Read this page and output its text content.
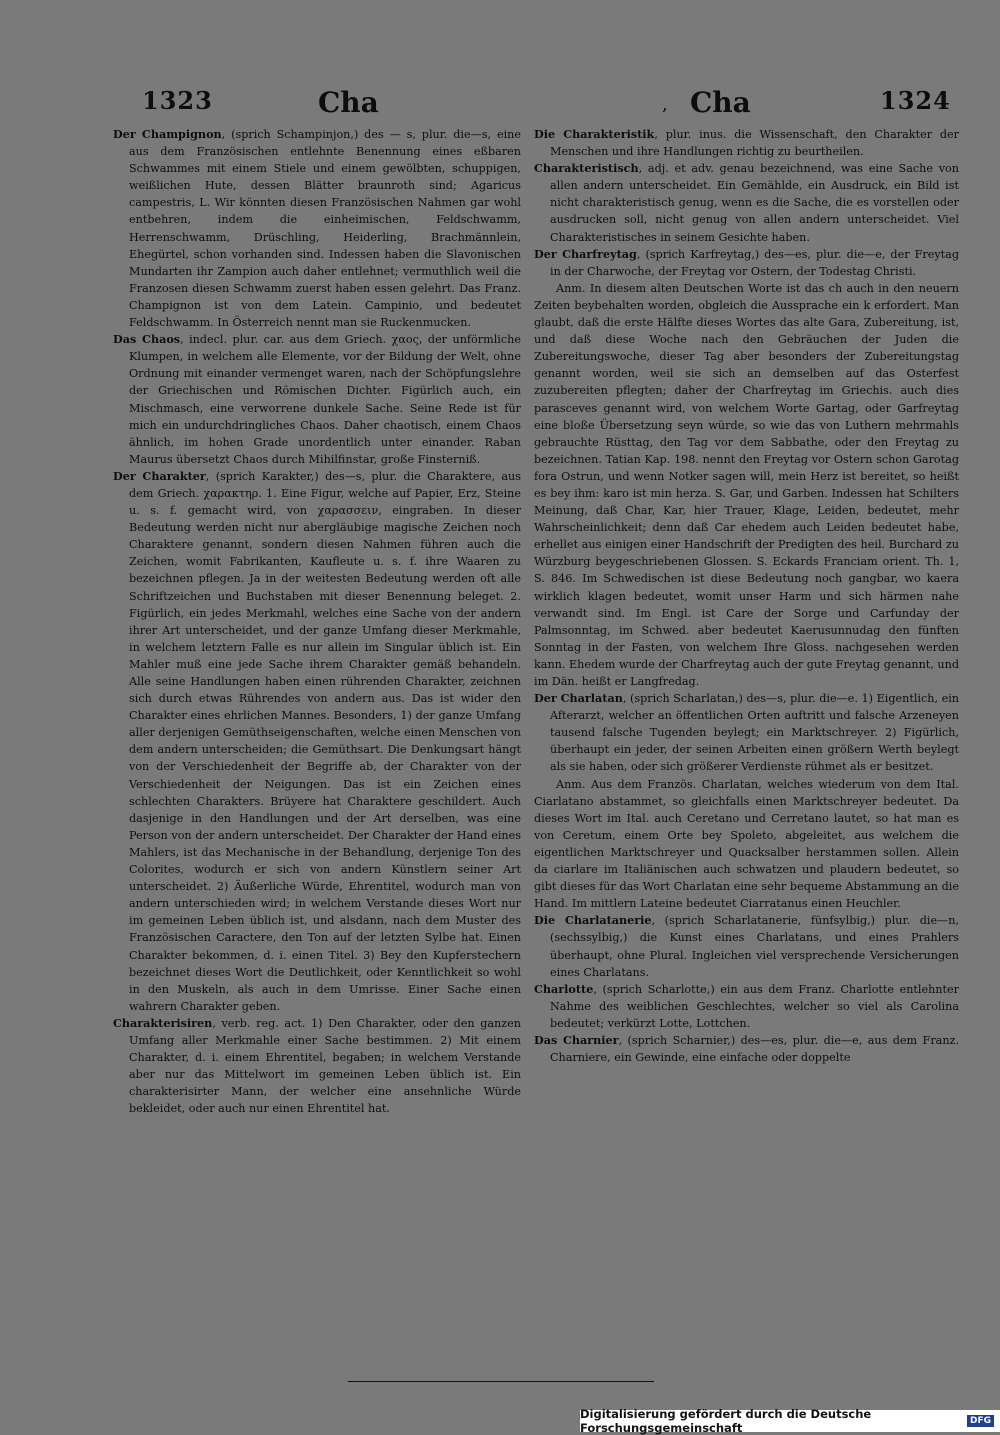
1323	Cha	, Cha	1324

Der Champignon, (sprich Schampinjon,) des — s, plur. die—s, eine aus dem Französischen entlehnte Benennung eines eßbaren Schwammes mit einem Stiele und einem gewölbten, schuppigen, weißlichen Hute, dessen Blätter braunroth sind; Agaricus campestris, L. Wir könnten diesen Französischen Nahmen gar wohl entbehren, indem die einheimischen, Feldschwamm, Herrenschwamm, Drüschling, Heiderling, Brachmännlein, Ehegürtel, schon vorhanden sind. Indessen haben die Slavonischen Mundarten ihr Zampion auch daher entlehnet; vermuthlich weil die Franzosen diesen Schwamm zuerst haben essen gelehrt. Das Franz. Champignon ist von dem Latein. Campinio, und bedeutet Feldschwamm. In Österreich nennt man sie Ruckenmucken.

Das Chaos, indecl. plur. car. aus dem Griech. χαος, der unförmliche Klumpen, in welchem alle Elemente, vor der Bildung der Welt, ohne Ordnung mit einander vermenget waren, nach der Schöpfungslehre der Griechischen und Römischen Dichter. Figürlich auch, ein Mischmasch, eine verworrene dunkele Sache. Seine Rede ist für mich ein undurchdringliches Chaos. Daher chaotisch, einem Chaos ähnlich, im hohen Grade unordentlich unter einander. Raban Maurus übersetzt Chaos durch Mihilfinstar, große Finsterniß.

Der Charakter, (sprich Karakter,) des—s, plur. die Charaktere, aus dem Griech. χαρακτηρ. 1. Eine Figur, welche auf Papier, Erz, Steine u. s. f. gemacht wird, von χαρασσειν, eingraben. In dieser Bedeutung werden nicht nur abergläubige magische Zeichen noch Charaktere genannt, sondern diesen Nahmen führen auch die Zeichen, womit Fabrikanten, Kaufleute u. s. f. ihre Waaren zu bezeichnen pflegen. Ja in der weitesten Bedeutung werden oft alle Schriftzeichen und Buchstaben mit dieser Benennung beleget. 2. Figürlich, ein jedes Merkmahl, welches eine Sache von der andern ihrer Art unterscheidet, und der ganze Umfang dieser Merkmahle, in welchem letztern Falle es nur allein im Singular üblich ist. Ein Mahler muß eine jede Sache ihrem Charakter gemäß behandeln. Alle seine Handlungen haben einen rührenden Charakter, zeichnen sich durch etwas Rührendes von andern aus. Das ist wider den Charakter eines ehrlichen Mannes. Besonders, 1) der ganze Umfang aller derjenigen Gemüthseigenschaften, welche einen Menschen von dem andern unterscheiden; die Gemüthsart. Die Denkungsart hängt von der Verschiedenheit der Begriffe ab, der Charakter von der Verschiedenheit der Neigungen. Das ist ein Zeichen eines schlechten Charakters. Brüyere hat Charaktere geschildert. Auch dasjenige in den Handlungen und der Art derselben, was eine Person von der andern unterscheidet. Der Charakter der Hand eines Mahlers, ist das Mechanische in der Behandlung, derjenige Ton des Colorites, wodurch er sich von andern Künstlern seiner Art unterscheidet. 2) Äußerliche Würde, Ehrentitel, wodurch man von andern unterschieden wird; in welchem Verstande dieses Wort nur im gemeinen Leben üblich ist, und alsdann, nach dem Muster des Französischen Caractere, den Ton auf der letzten Sylbe hat. Einen Charakter bekommen, d. i. einen Titel. 3) Bey den Kupferstechern bezeichnet dieses Wort die Deutlichkeit, oder Kenntlichkeit so wohl in den Muskeln, als auch in dem Umrisse. Einer Sache einen wahrern Charakter geben.

Charakterisiren, verb. reg. act. 1) Den Charakter, oder den ganzen Umfang aller Merkmahle einer Sache bestimmen. 2) Mit einem Charakter, d. i. einem Ehrentitel, begaben; in welchem Verstande aber nur das Mittelwort im gemeinen Leben üblich ist. Ein charakterisirter Mann, der welcher eine ansehnliche Würde bekleidet, oder auch nur einen Ehrentitel hat.

Die Charakteristik, plur. inus. die Wissenschaft, den Charakter der Menschen und ihre Handlungen richtig zu beurtheilen.

Charakteristisch, adj. et adv. genau bezeichnend, was eine Sache von allen andern unterscheidet. Ein Gemählde, ein Ausdruck, ein Bild ist nicht charakteristisch genug, wenn es die Sache, die es vorstellen oder ausdrucken soll, nicht genug von allen andern unterscheidet. Viel Charakteristisches in seinem Gesichte haben.

Der Charfreytag, (sprich Karfreytag,) des—es, plur. die—e, der Freytag in der Charwoche, der Freytag vor Ostern, der Todestag Christi.

Anm. In diesem alten Deutschen Worte ist das ch auch in den neuern Zeiten beybehalten worden, obgleich die Aussprache ein k erfordert. Man glaubt, daß die erste Hälfte dieses Wortes das alte Gara, Zubereitung, ist, und daß diese Woche nach den Gebräuchen der Juden die Zubereitungswoche, dieser Tag aber besonders der Zubereitungstag genannt worden, weil sie sich an demselben auf das Osterfest zuzubereiten pflegten; daher der Charfreytag im Griechis. auch dies parasceves genannt wird, von welchem Worte Gartag, oder Garfreytag eine bloße Übersetzung seyn würde, so wie das von Luthern mehrmahls gebrauchte Rüsttag, den Tag vor dem Sabbathe, oder den Freytag zu bezeichnen. Tatian Kap. 198. nennt den Freytag vor Ostern schon Garotag fora Ostrun, und wenn Notker sagen will, mein Herz ist bereitet, so heißt es bey ihm: karo ist min herza. S. Gar, und Garben. Indessen hat Schilters Meinung, daß Char, Kar, hier Trauer, Klage, Leiden, bedeutet, mehr Wahrscheinlichkeit; denn daß Car ehedem auch Leiden bedeutet habe, erhellet aus einigen einer Handschrift der Predigten des heil. Burchard zu Würzburg beygeschriebenen Glossen. S. Eckards Franciam orient. Th. 1, S. 846. Im Schwedischen ist diese Bedeutung noch gangbar, wo kaera wirklich klagen bedeutet, womit unser Harm und sich härmen nahe verwandt sind. Im Engl. ist Care der Sorge und Carfunday der Palmsonntag, im Schwed. aber bedeutet Kaerusunnudag den fünften Sonntag in der Fasten, von welchem Ihre Gloss. nachgesehen werden kann. Ehedem wurde der Charfreytag auch der gute Freytag genannt, und im Dän. heißt er Langfredag.

Der Charlatan, (sprich Scharlatan,) des—s, plur. die—e. 1) Eigentlich, ein Afterarzt, welcher an öffentlichen Orten auftritt und falsche Arzeneyen tausend falsche Tugenden beylegt; ein Marktschreyer. 2) Figürlich, überhaupt ein jeder, der seinen Arbeiten einen größern Werth beylegt als sie haben, oder sich größerer Verdienste rühmet als er besitzet.

Anm. Aus dem Französ. Charlatan, welches wiederum von dem Ital. Ciarlatano abstammet, so gleichfalls einen Marktschreyer bedeutet. Da dieses Wort im Ital. auch Ceretano und Cerretano lautet, so hat man es von Ceretum, einem Orte bey Spoleto, abgeleitet, aus welchem die eigentlichen Marktschreyer und Quacksalber herstammen sollen. Allein da ciarlare im Italiänischen auch schwatzen und plaudern bedeutet, so gibt dieses für das Wort Charlatan eine sehr bequeme Abstammung an die Hand. Im mittlern Lateine bedeutet Ciarratanus einen Heuchler.

Die Charlatanerie, (sprich Scharlatanerie, fünfsylbig,) plur. die—n, (sechssylbig,) die Kunst eines Charlatans, und eines Prahlers überhaupt, ohne Plural. Ingleichen viel versprechende Versicherungen eines Charlatans.

Charlotte, (sprich Scharlotte,) ein aus dem Franz. Charlotte entlehnter Nahme des weiblichen Geschlechtes, welcher so viel als Carolina bedeutet; verkürzt Lotte, Lottchen.

Das Charnier, (sprich Scharnier,) des—es, plur. die—e, aus dem Franz. Charniere, ein Gewinde, eine einfache oder doppelte

Digitalisierung gefördert durch die Deutsche Forschungsgemeinschaft	DFG
